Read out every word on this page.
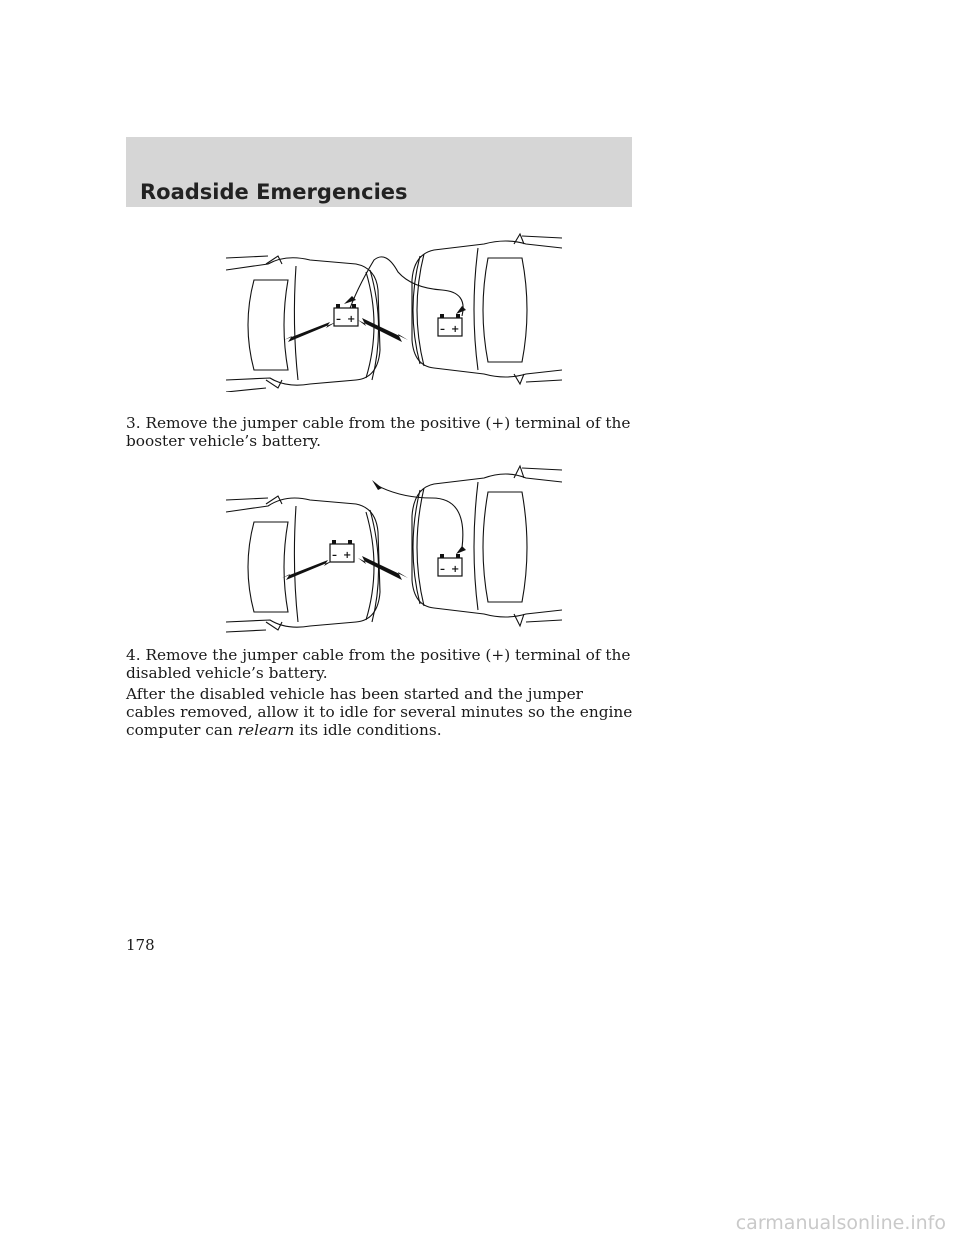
Roadside Emergencies
– +
– +

3. Remove the jumper cable from the positive (+) terminal of the booster vehicle’s battery.

– +
– +

4. Remove the jumper cable from the positive (+) terminal of the disabled vehicle’s battery.

After the disabled vehicle has been started and the jumper cables removed, allow it to idle for several minutes so the engine computer can relearn its idle conditions.

178
carmanualsonline.info
